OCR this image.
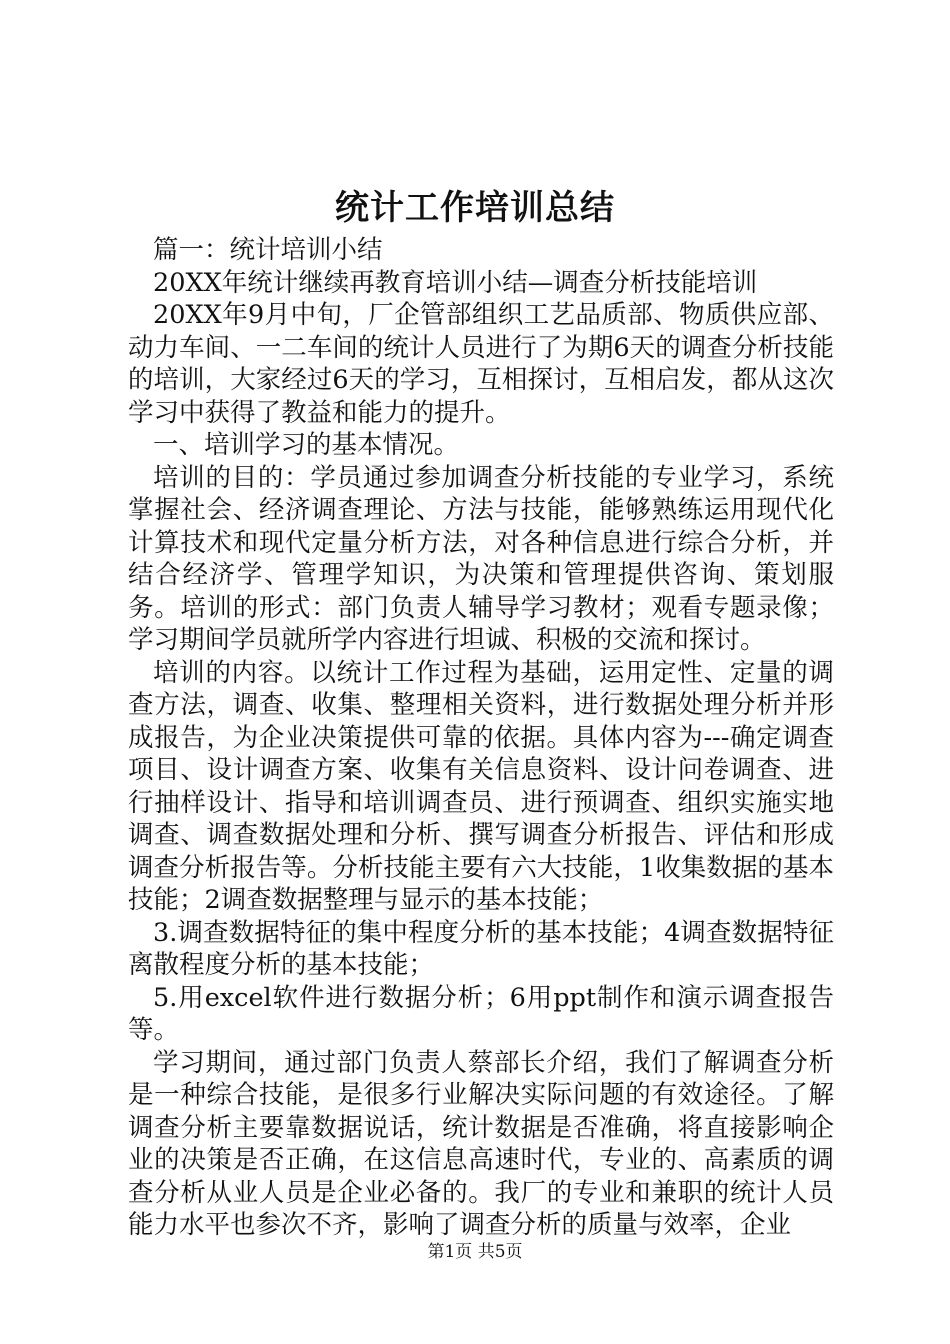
统计工作培训总结

篇一：统计培训小结

20XX年统计继续再教育培训小结—调查分析技能培训

20XX年9月中旬，厂企管部组织工艺品质部、物质供应部、动力车间、一二车间的统计人员进行了为期6天的调查分析技能的培训，大家经过6天的学习，互相探讨，互相启发，都从这次学习中获得了教益和能力的提升。

一、培训学习的基本情况。

培训的目的：学员通过参加调查分析技能的专业学习，系统掌握社会、经济调查理论、方法与技能，能够熟练运用现代化计算技术和现代定量分析方法，对各种信息进行综合分析，并结合经济学、管理学知识，为决策和管理提供咨询、策划服务。培训的形式：部门负责人辅导学习教材；观看专题录像；学习期间学员就所学内容进行坦诚、积极的交流和探讨。

培训的内容。以统计工作过程为基础，运用定性、定量的调查方法，调查、收集、整理相关资料，进行数据处理分析并形成报告，为企业决策提供可靠的依据。具体内容为---确定调查项目、设计调查方案、收集有关信息资料、设计问卷调查、进行抽样设计、指导和培训调查员、进行预调查、组织实施实地调查、调查数据处理和分析、撰写调查分析报告、评估和形成调查分析报告等。分析技能主要有六大技能，1收集数据的基本技能；2调查数据整理与显示的基本技能；

3.调查数据特征的集中程度分析的基本技能；4调查数据特征离散程度分析的基本技能；

5.用excel软件进行数据分析；6用ppt制作和演示调查报告等。

学习期间，通过部门负责人蔡部长介绍，我们了解调查分析是一种综合技能，是很多行业解决实际问题的有效途径。了解调查分析主要靠数据说话，统计数据是否准确，将直接影响企业的决策是否正确，在这信息高速时代，专业的、高素质的调查分析从业人员是企业必备的。我厂的专业和兼职的统计人员能力水平也参次不齐，影响了调查分析的质量与效率，企业

第1页 共5页
